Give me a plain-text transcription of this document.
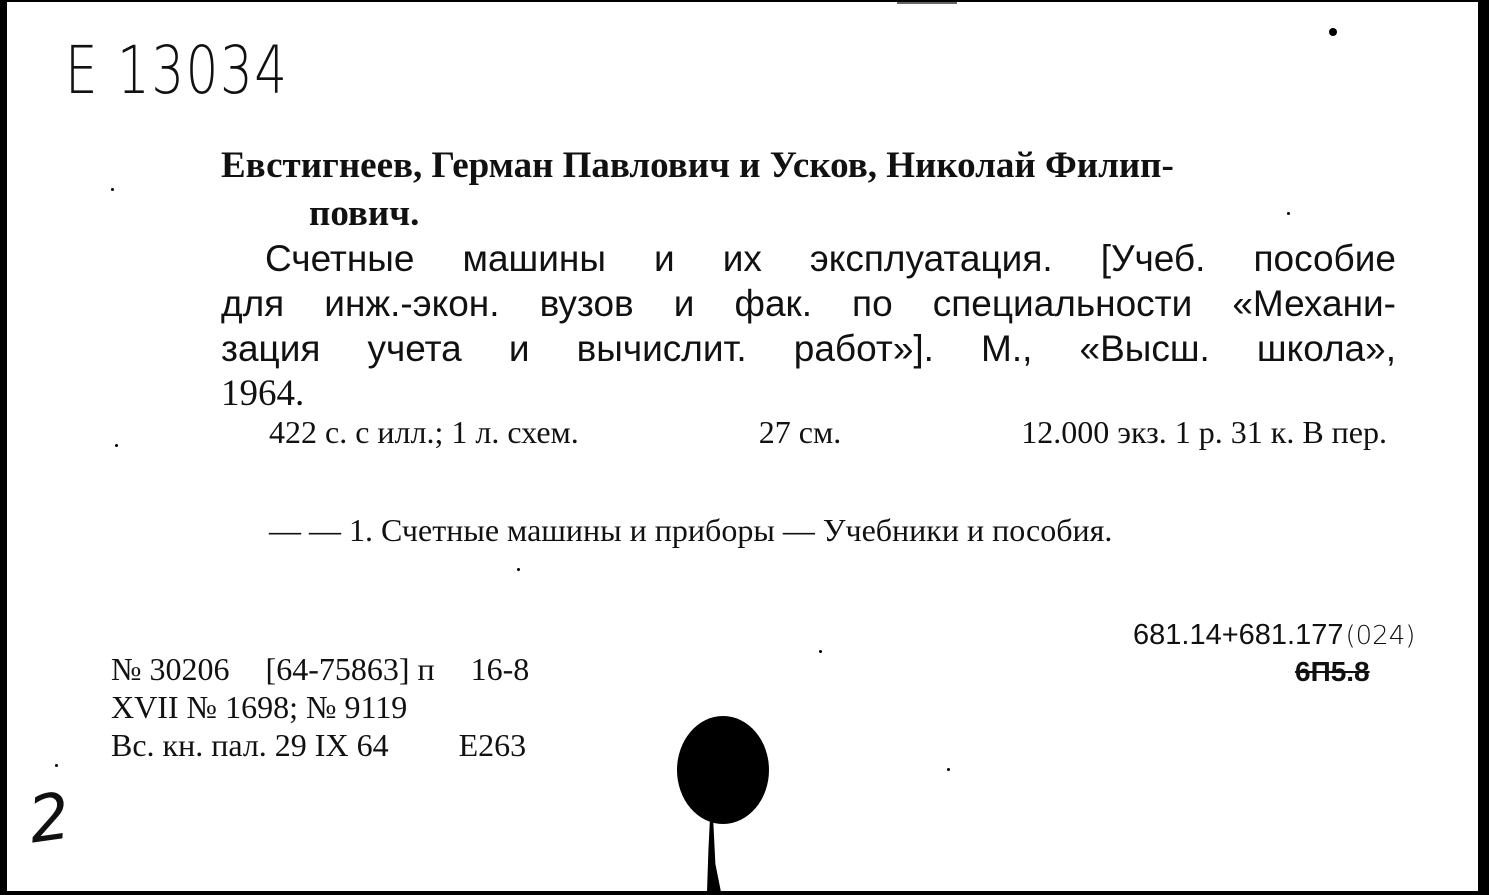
Е 13034
Евстигнеев, Герман Павлович и Усков, Николай Филип-
пович.
Счетные машины и их эксплуатация. [Учеб. пособие
для инж.-экон. вузов и фак. по специальности «Механи-
зация учета и вычислит. работ»]. М., «Высш. школа»,
1964.
422 с. с илл.; 1 л. схем.	27 см.	12.000 экз. 1 р. 31 к. В пер.
— — 1. Счетные машины и приборы — Учебники и пособия.
681.14+681.177(024)
6П5.8
№ 30206 [64-75863] п 16-8
XVII № 1698; № 9119
Вс. кн. пал. 29 IX 64 E263
2
